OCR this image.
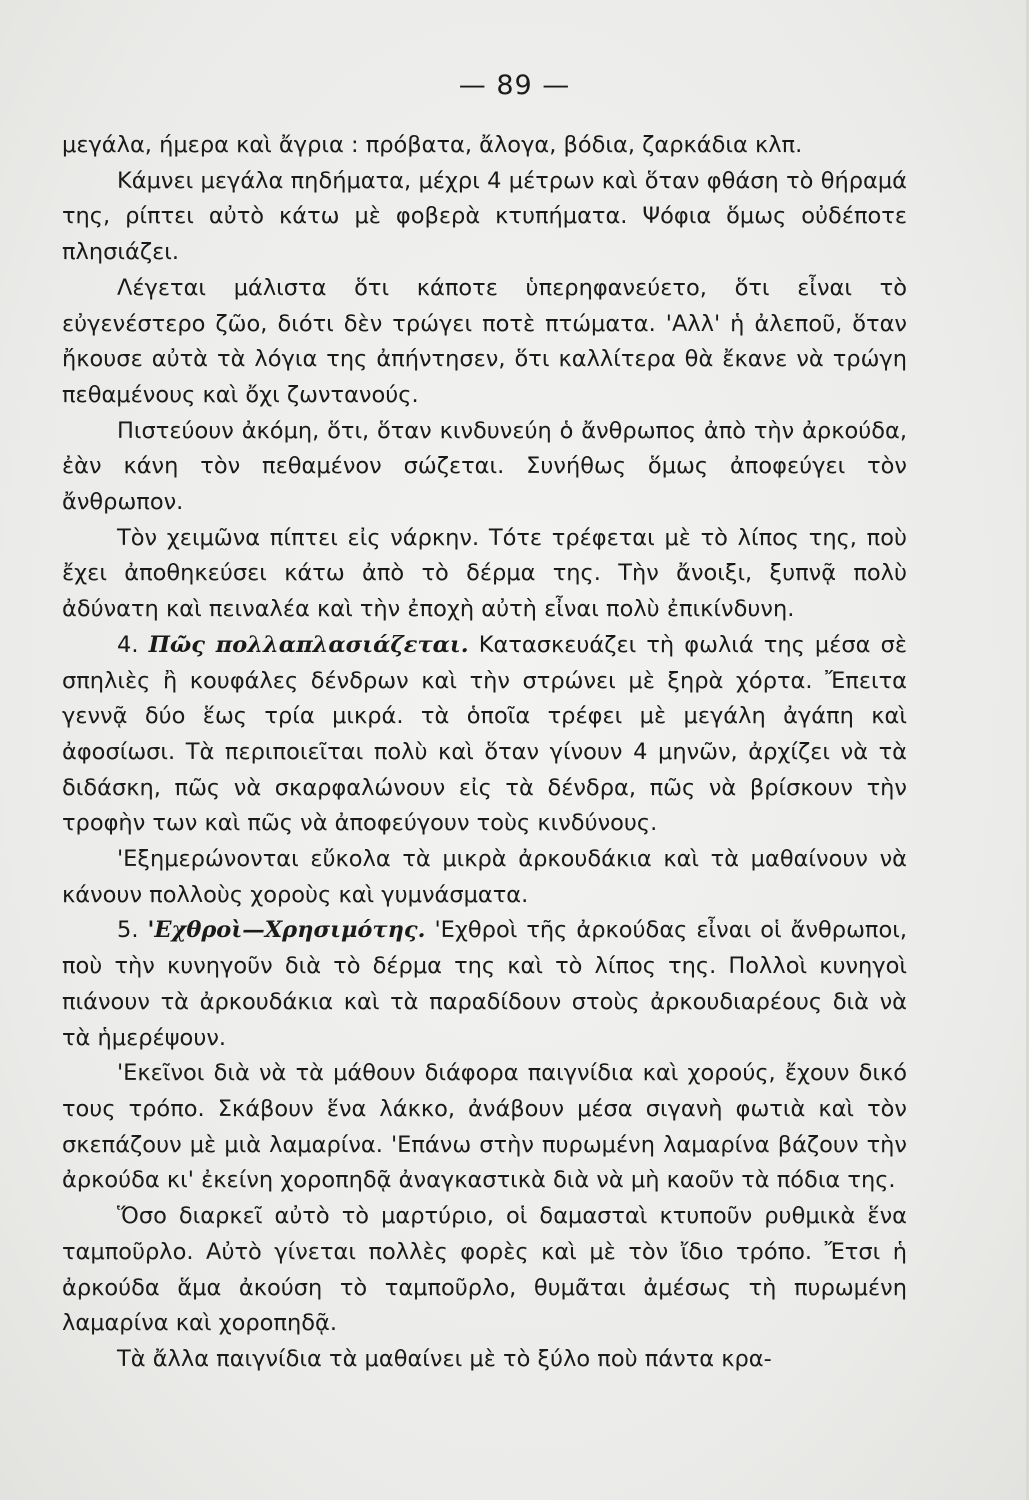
— 89 —

μεγάλα, ήμερα καὶ ἄγρια : πρόβατα, ἄλογα, βόδια, ζαρκάδια κλπ.

Κάμνει μεγάλα πηδήματα, μέχρι 4 μέτρων καὶ ὅταν φθάση τὸ θήραμά της, ρίπτει αὐτὸ κάτω μὲ φοβερὰ κτυπήματα. Ψόφια ὅμως οὐδέποτε πλησιάζει.

Λέγεται μάλιστα ὅτι κάποτε ὑπερηφανεύετο, ὅτι εἶναι τὸ εὐγενέστερο ζῶο, διότι δὲν τρώγει ποτὲ πτώματα. 'Αλλ' ἡ ἀλεποῦ, ὅταν ἤκουσε αὐτὰ τὰ λόγια της ἀπήντησεν, ὅτι καλλίτερα θὰ ἔκανε νὰ τρώγη πεθαμένους καὶ ὄχι ζωντανούς.

Πιστεύουν ἀκόμη, ὅτι, ὅταν κινδυνεύη ὁ ἄνθρωπος ἀπὸ τὴν ἀρκούδα, ἐὰν κάνη τὸν πεθαμένον σώζεται. Συνήθως ὅμως ἀποφεύγει τὸν ἄνθρωπον.

Τὸν χειμῶνα πίπτει εἰς νάρκην. Τότε τρέφεται μὲ τὸ λίπος της, ποὺ ἔχει ἀποθηκεύσει κάτω ἀπὸ τὸ δέρμα της. Τὴν ἄνοιξι, ξυπνᾷ πολὺ ἀδύνατη καὶ πειναλέα καὶ τὴν ἐποχὴ αὐτὴ εἶναι πολὺ ἐπικίνδυνη.

4. Πῶς πολλαπλασιάζεται. Κατασκευάζει τὴ φωλιά της μέσα σὲ σπηλιὲς ἢ κουφάλες δένδρων καὶ τὴν στρώνει μὲ ξηρὰ χόρτα. Ἔπειτα γεννᾷ δύο ἕως τρία μικρά. τὰ ὁποῖα τρέφει μὲ μεγάλη ἀγάπη καὶ ἀφοσίωσι. Τὰ περιποιεῖται πολὺ καὶ ὅταν γίνουν 4 μηνῶν, ἀρχίζει νὰ τὰ διδάσκη, πῶς νὰ σκαρφαλώνουν εἰς τὰ δένδρα, πῶς νὰ βρίσκουν τὴν τροφὴν των καὶ πῶς νὰ ἀποφεύγουν τοὺς κινδύνους.

'Εξημερώνονται εὔκολα τὰ μικρὰ ἀρκουδάκια καὶ τὰ μαθαίνουν νὰ κάνουν πολλοὺς χοροὺς καὶ γυμνάσματα.

5. 'Εχθροὶ—Χρησιμότης. 'Εχθροὶ τῆς ἀρκούδας εἶναι οἱ ἄνθρωποι, ποὺ τὴν κυνηγοῦν διὰ τὸ δέρμα της καὶ τὸ λίπος της. Πολλοὶ κυνηγοὶ πιάνουν τὰ ἀρκουδάκια καὶ τὰ παραδίδουν στοὺς ἀρκουδιαρέους διὰ νὰ τὰ ἡμερέψουν.

'Εκεῖνοι διὰ νὰ τὰ μάθουν διάφορα παιγνίδια καὶ χορούς, ἔχουν δικό τους τρόπο. Σκάβουν ἕνα λάκκο, ἀνάβουν μέσα σιγανὴ φωτιὰ καὶ τὸν σκεπάζουν μὲ μιὰ λαμαρίνα. 'Επάνω στὴν πυρωμένη λαμαρίνα βάζουν τὴν ἀρκούδα κι' ἐκείνη χοροπηδᾷ ἀναγκαστικὰ διὰ νὰ μὴ καοῦν τὰ πόδια της.

Ὅσο διαρκεῖ αὐτὸ τὸ μαρτύριο, οἱ δαμασταὶ κτυποῦν ρυθμικὰ ἕνα ταμποῦρλο. Αὐτὸ γίνεται πολλὲς φορὲς καὶ μὲ τὸν ἴδιο τρόπο. Ἔτσι ἡ ἀρκούδα ἅμα ἀκούση τὸ ταμποῦρλο, θυμᾶται ἀμέσως τὴ πυρωμένη λαμαρίνα καὶ χοροπηδᾷ.

Τὰ ἄλλα παιγνίδια τὰ μαθαίνει μὲ τὸ ξύλο ποὺ πάντα κρα-
